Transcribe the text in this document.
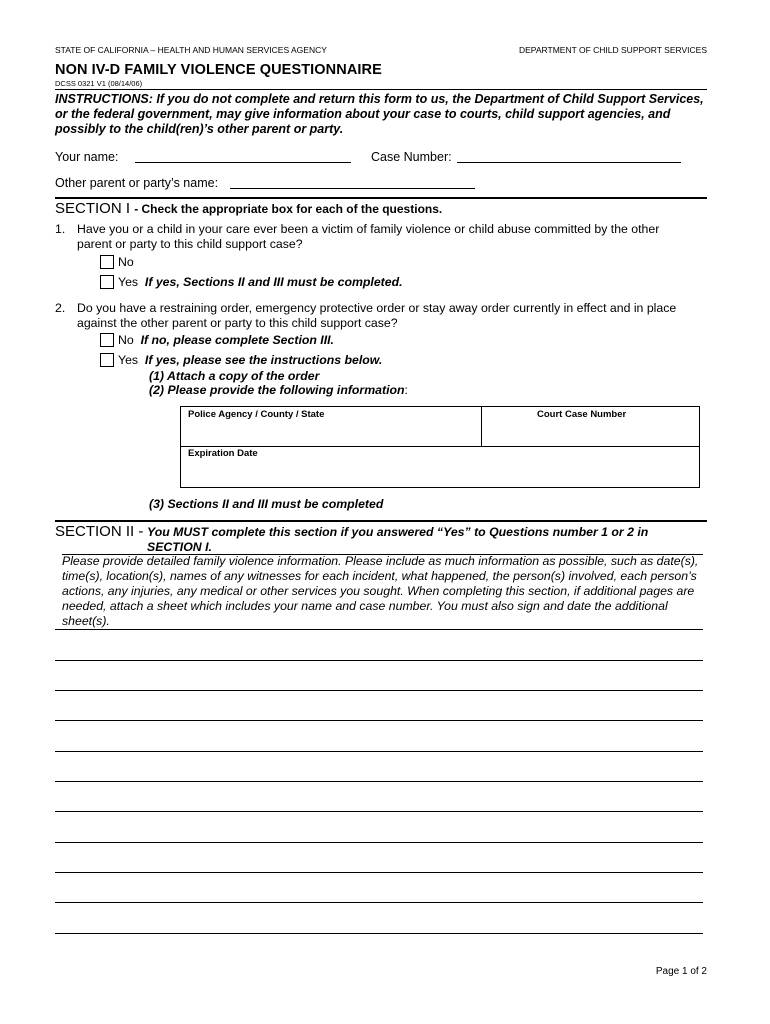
STATE OF CALIFORNIA – HEALTH AND HUMAN SERVICES AGENCY	DEPARTMENT OF CHILD SUPPORT SERVICES
NON IV-D FAMILY VIOLENCE QUESTIONNAIRE
DCSS 0321 V1 (08/14/06)
INSTRUCTIONS: If you do not complete and return this form to us, the Department of Child Support Services, or the federal government, may give information about your case to courts, child support agencies, and possibly to the child(ren)’s other parent or party.
Your name:	Case Number:
Other parent or party’s name:
SECTION I - Check the appropriate box for each of the questions.
1. Have you or a child in your care ever been a victim of family violence or child abuse committed by the other
parent or party to this child support case?
No
Yes If yes, Sections II and III must be completed.
2. Do you have a restraining order, emergency protective order or stay away order currently in effect and in place
against the other parent or party to this child support case?
No If no, please complete Section III.
Yes If yes, please see the instructions below.
(1) Attach a copy of the order
(2) Please provide the following information:
Police Agency / County / State	Court Case Number
Expiration Date
(3) Sections II and III must be completed
SECTION II - You MUST complete this section if you answered “Yes” to Questions number 1 or 2 in
SECTION I.
Please provide detailed family violence information. Please include as much information as possible, such as date(s), time(s), location(s), names of any witnesses for each incident, what happened, the person(s) involved, each person’s actions, any injuries, any medical or other services you sought. When completing this section, if additional pages are needed, attach a sheet which includes your name and case number. You must also sign and date the additional sheet(s).
Page 1 of 2
